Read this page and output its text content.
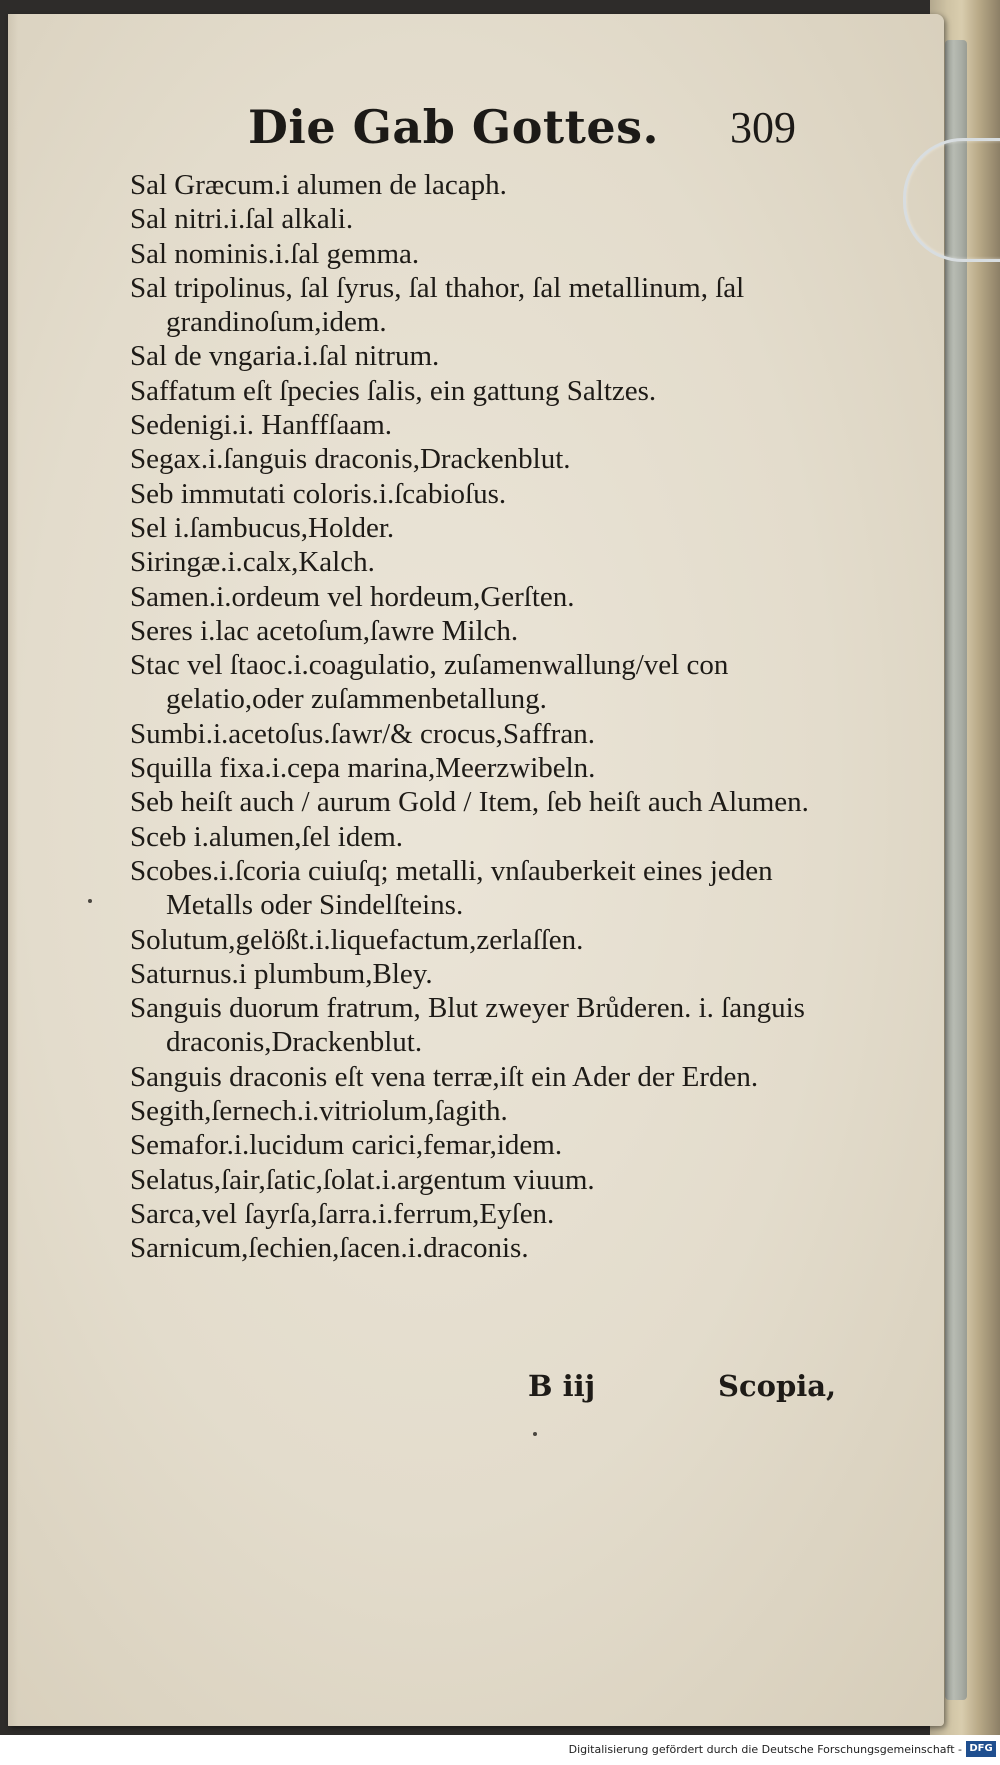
Die Gab Gottes. 309
Sal Græcum.i alumen de lacaph.
Sal nitri.i.ſal alkali.
Sal nominis.i.ſal gemma.
Sal tripolinus, ſal ſyrus, ſal thahor, ſal metallinum, ſal grandinoſum,idem.
Sal de vngaria.i.ſal nitrum.
Saffatum eſt ſpecies ſalis, ein gattung Saltzes.
Sedenigi.i. Hanffſaam.
Segax.i.ſanguis draconis,Drackenblut.
Seb immutati coloris.i.ſcabioſus.
Sel i.ſambucus,Holder.
Siringæ.i.calx,Kalch.
Samen.i.ordeum vel hordeum,Gerſten.
Seres i.lac acetoſum,ſawre Milch.
Stac vel ſtaoc.i.coagulatio, zuſamenwallung/vel con gelatio,oder zuſammenbetallung.
Sumbi.i.acetoſus.ſawr/& crocus,Saffran.
Squilla fixa.i.cepa marina,Meerzwibeln.
Seb heiſt auch / aurum Gold / Item, ſeb heiſt auch Alumen.
Sceb i.alumen,ſel idem.
Scobes.i.ſcoria cuiuſq; metalli, vnſauberkeit eines jeden Metalls oder Sindelſteins.
Solutum,gelößt.i.liquefactum,zerlaſſen.
Saturnus.i plumbum,Bley.
Sanguis duorum fratrum, Blut zweyer Brůderen. i. ſanguis draconis,Drackenblut.
Sanguis draconis eſt vena terræ,iſt ein Ader der Erden.
Segith,ſernech.i.vitriolum,ſagith.
Semafor.i.lucidum carici,femar,idem.
Selatus,ſair,ſatic,ſolat.i.argentum viuum.
Sarca,vel ſayrſa,ſarra.i.ferrum,Eyſen.
Sarnicum,ſechien,ſacen.i.draconis.
B iij	Scopia,
Digitalisierung gefördert durch die Deutsche Forschungsgemeinschaft - DFG
